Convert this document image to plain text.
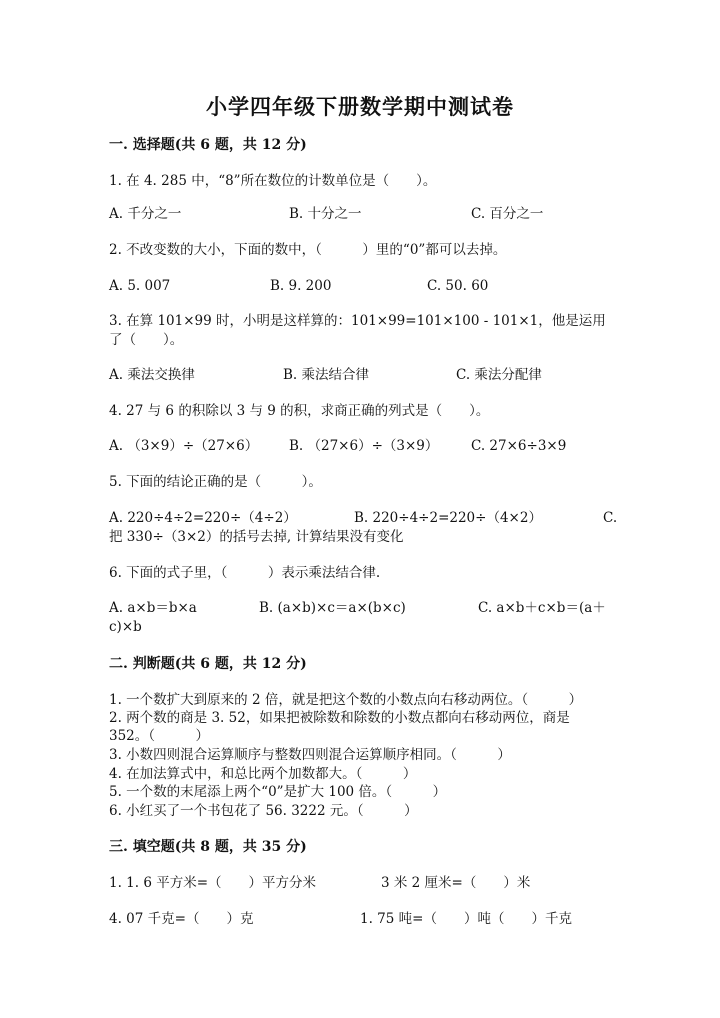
小学四年级下册数学期中测试卷
一. 选择题(共 6 题，共 12 分)
1. 在 4. 285 中，“8”所在数位的计数单位是（　　）。
A. 千分之一	B. 十分之一	C. 百分之一
2. 不改变数的大小，下面的数中，（　　　）里的“0”都可以去掉。
A. 5. 007	B. 9. 200	C. 50. 60
3. 在算 101×99 时，小明是这样算的：101×99=101×100 - 101×1，他是运用
了（　　）。
A. 乘法交换律	B. 乘法结合律	C. 乘法分配律
4. 27 与 6 的积除以 3 与 9 的积，求商正确的列式是（　　）。
A. （3×9）÷（27×6） B. （27×6）÷（3×9） C. 27×6÷3×9
5. 下面的结论正确的是（　　　）。
A. 220÷4÷2=220÷（4÷2）	B. 220÷4÷2=220÷（4×2）	C.
把 330÷（3×2）的括号去掉, 计算结果没有变化
6. 下面的式子里，（　　　）表示乘法结合律.
A. a×b＝b×a	B. (a×b)×c＝a×(b×c)	C. a×b＋c×b＝(a＋
c)×b
二. 判断题(共 6 题，共 12 分)
1. 一个数扩大到原来的 2 倍，就是把这个数的小数点向右移动两位。（　　　）
2. 两个数的商是 3. 52，如果把被除数和除数的小数点都向右移动两位，商是
352。（　　　）
3. 小数四则混合运算顺序与整数四则混合运算顺序相同。（　　　）
4. 在加法算式中，和总比两个加数都大。（　　　）
5. 一个数的末尾添上两个“0”是扩大 100 倍。（　　　）
6. 小红买了一个书包花了 56. 3222 元。（　　　）
三. 填空题(共 8 题，共 35 分)
1. 1. 6 平方米=（　　）平方分米	3 米 2 厘米=（　　）米
4. 07 千克=（　　）克	1. 75 吨=（　　）吨（　　）千克
